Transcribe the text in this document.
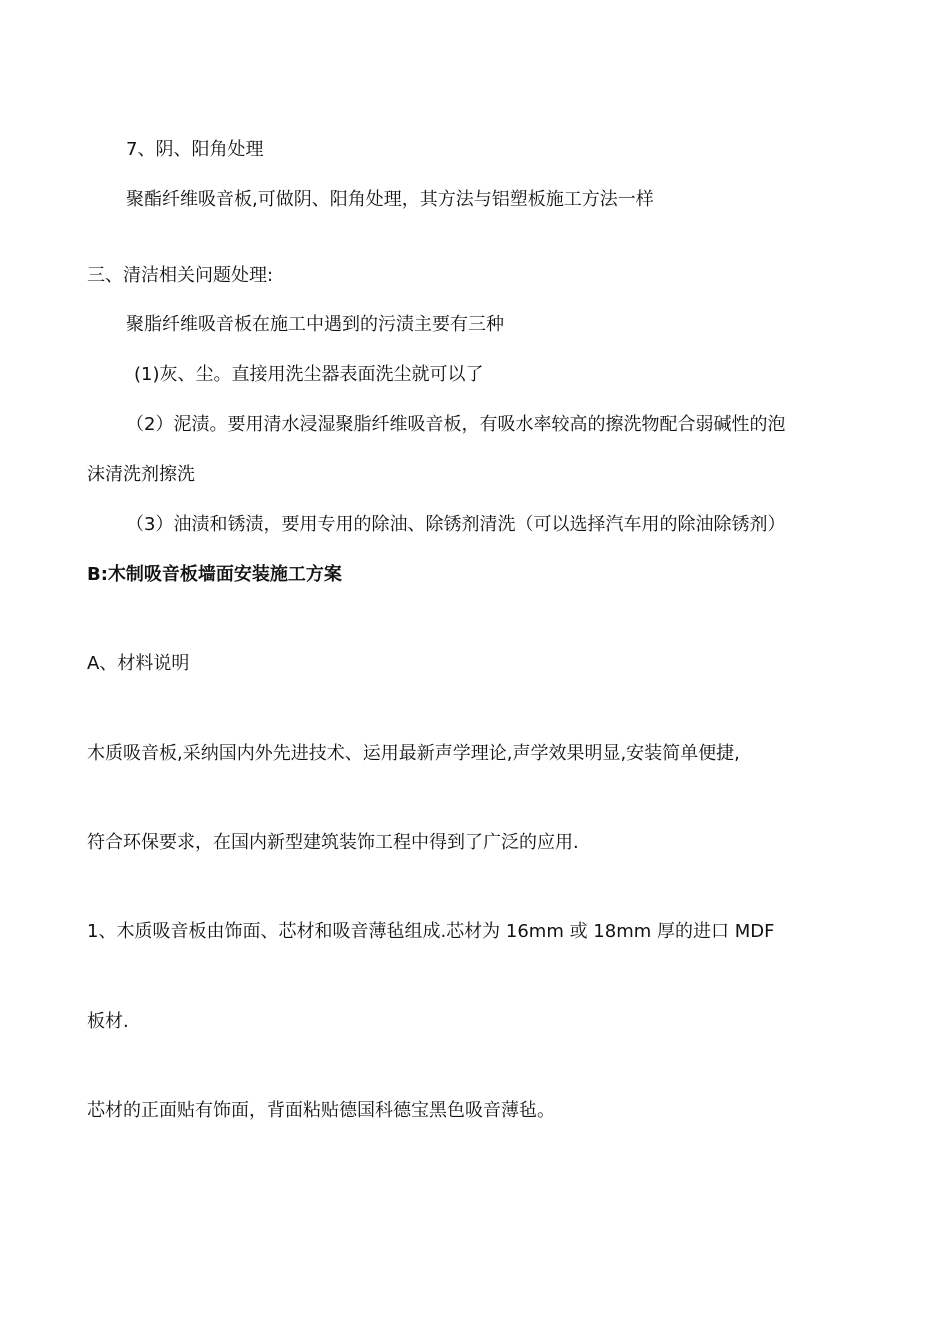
7、阴、阳角处理
聚酯纤维吸音板,可做阴、阳角处理，其方法与铝塑板施工方法一样
三、清洁相关问题处理:
聚脂纤维吸音板在施工中遇到的污渍主要有三种
(1)灰、尘。直接用洗尘器表面洗尘就可以了
（2）泥渍。要用清水浸湿聚脂纤维吸音板，有吸水率较高的擦洗物配合弱碱性的泡
沫清洗剂擦洗
（3）油渍和锈渍，要用专用的除油、除锈剂清洗（可以选择汽车用的除油除锈剂）
B:木制吸音板墙面安装施工方案
A、材料说明
木质吸音板,采纳国内外先进技术、运用最新声学理论,声学效果明显,安装简单便捷,
符合环保要求，在国内新型建筑装饰工程中得到了广泛的应用.
1、木质吸音板由饰面、芯材和吸音薄毡组成.芯材为 16mm 或 18mm 厚的进口 MDF
板材.
芯材的正面贴有饰面，背面粘贴德国科德宝黑色吸音薄毡。
